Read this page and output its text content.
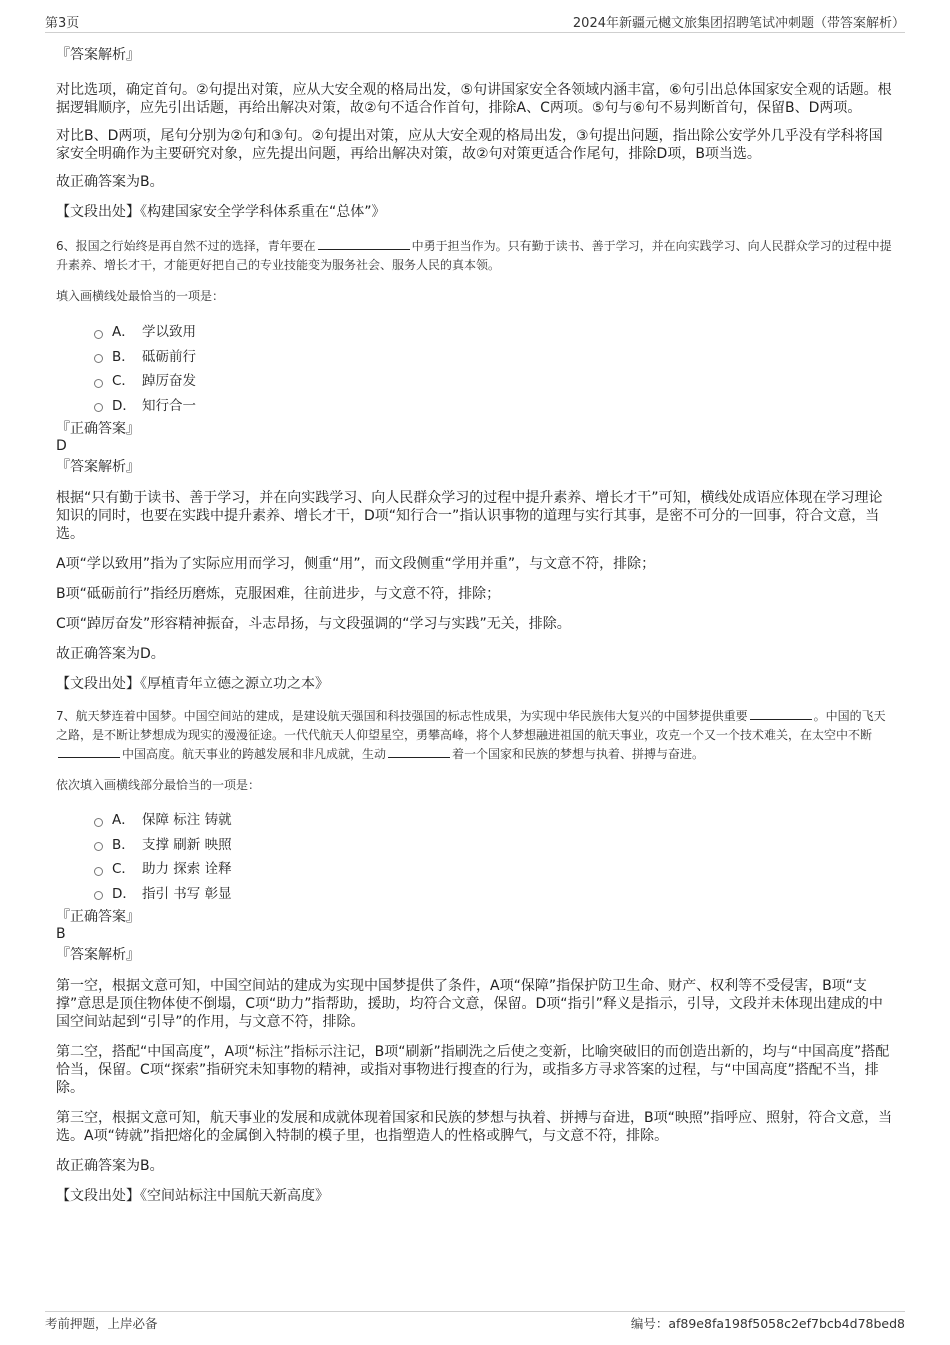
第3页	2024年新疆元樾文旅集团招聘笔试冲刺题（带答案解析）

『答案解析』

对比选项，确定首句。②句提出对策，应从大安全观的格局出发，⑤句讲国家安全各领域内涵丰富，⑥句引出总体国家安全观的话题。根据逻辑顺序，应先引出话题，再给出解决对策，故②句不适合作首句，排除A、C两项。⑤句与⑥句不易判断首句，保留B、D两项。

对比B、D两项，尾句分别为②句和③句。②句提出对策，应从大安全观的格局出发，③句提出问题，指出除公安学外几乎没有学科将国家安全明确作为主要研究对象，应先提出问题，再给出解决对策，故②句对策更适合作尾句，排除D项，B项当选。

故正确答案为B。

【文段出处】《构建国家安全学学科体系重在“总体”》

6、报国之行始终是再自然不过的选择，青年要在	中勇于担当作为。只有勤于读书、善于学习，并在向实践学习、向人民群众学习的过程中提升素养、增长才干，才能更好把自己的专业技能变为服务社会、服务人民的真本领。

填入画横线处最恰当的一项是：

A． 学以致用
B． 砥砺前行
C． 踔厉奋发
D． 知行合一

『正确答案』

D

『答案解析』

根据“只有勤于读书、善于学习，并在向实践学习、向人民群众学习的过程中提升素养、增长才干”可知，横线处成语应体现在学习理论知识的同时，也要在实践中提升素养、增长才干，D项“知行合一”指认识事物的道理与实行其事，是密不可分的一回事，符合文意，当选。

A项“学以致用”指为了实际应用而学习，侧重“用”，而文段侧重“学用并重”，与文意不符，排除；

B项“砥砺前行”指经历磨炼，克服困难，往前进步，与文意不符，排除；

C项“踔厉奋发”形容精神振奋，斗志昂扬，与文段强调的“学习与实践”无关，排除。

故正确答案为D。

【文段出处】《厚植青年立德之源立功之本》

7、航天梦连着中国梦。中国空间站的建成，是建设航天强国和科技强国的标志性成果，为实现中华民族伟大复兴的中国梦提供重要	。中国的飞天之路，是不断让梦想成为现实的漫漫征途。一代代航天人仰望星空，勇攀高峰，将个人梦想融进祖国的航天事业，攻克一个又一个技术难关，在太空中不断中国高度。航天事业的跨越发展和非凡成就，生动	着一个国家和民族的梦想与执着、拼搏与奋进。

依次填入画横线部分最恰当的一项是：

A． 保障 标注 铸就
B． 支撑 刷新 映照
C． 助力 探索 诠释
D． 指引 书写 彰显

『正确答案』

B

『答案解析』

第一空，根据文意可知，中国空间站的建成为实现中国梦提供了条件，A项“保障”指保护防卫生命、财产、权利等不受侵害，B项“支撑”意思是顶住物体使不倒塌，C项“助力”指帮助，援助，均符合文意，保留。D项“指引”释义是指示，引导，文段并未体现出建成的中国空间站起到“引导”的作用，与文意不符，排除。

第二空，搭配“中国高度”，A项“标注”指标示注记，B项“刷新”指刷洗之后使之变新，比喻突破旧的而创造出新的，均与“中国高度”搭配恰当，保留。C项“探索”指研究未知事物的精神，或指对事物进行搜查的行为，或指多方寻求答案的过程，与“中国高度”搭配不当，排除。

第三空，根据文意可知，航天事业的发展和成就体现着国家和民族的梦想与执着、拼搏与奋进，B项“映照”指呼应、照射，符合文意，当选。A项“铸就”指把熔化的金属倒入特制的模子里，也指塑造人的性格或脾气，与文意不符，排除。

故正确答案为B。

【文段出处】《空间站标注中国航天新高度》

考前押题，上岸必备	编号：af89e8fa198f5058c2ef7bcb4d78bed8
